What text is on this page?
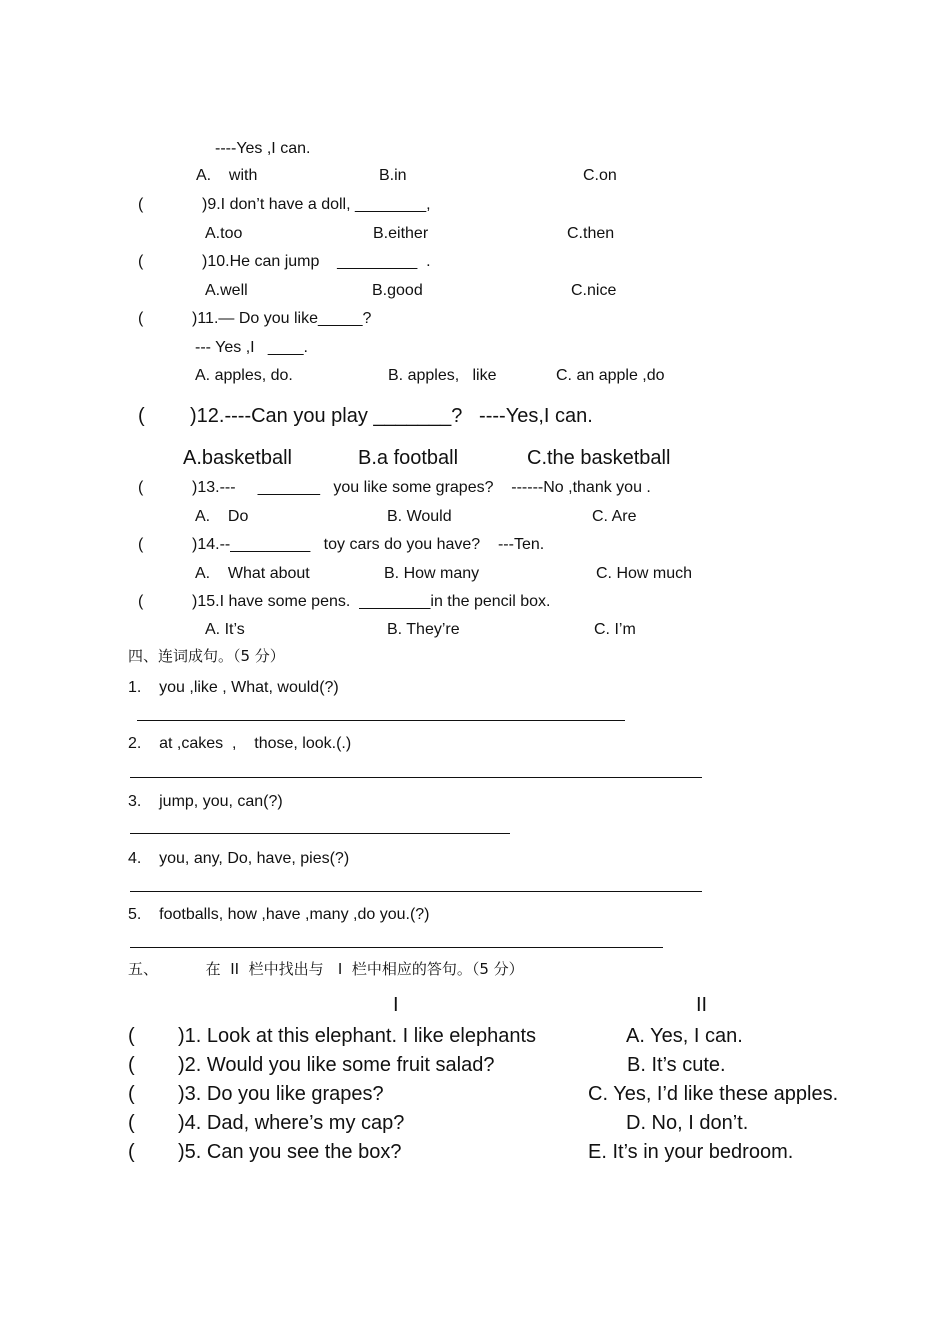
----Yes ,I can.
A.    with	B.in	C.on
(	)9.I don’t have a doll, ________,
A.too	B.either	C.then
(	)10.He can jump    _________  .
A.well	B.good	C.nice
(	)11.— Do you like_____?
--- Yes ,I   ____.
A. apples, do.	B. apples,   like	C. an apple ,do
( )12.----Can you play _______?   ----Yes,I can.
A.basketball	B.a football	C.the basketball
(	)13.---     _______   you like some grapes?    ------No ,thank you .
A.    Do	B. Would	C. Are
(	)14.--_________   toy cars do you have?    ---Ten.
A.    What about	B. How many	C. How much
(	)15.I have some pens.  ________in the pencil box.
A. It’s	B. They’re	C. I’m
四、连词成句。（5 分）
1.    you ,like , What, would(?)
2.    at ,cakes  ,    those, look.(.)
3.    jump, you, can(?)
4.    you, any, Do, have, pies(?)
5.    footballs, how ,have ,many ,do you.(?)
五、          在  II  栏中找出与   I  栏中相应的答句。（5 分）
I	II
( )1. Look at this elephant. I like elephants	A. Yes, I can.
( )2. Would you like some fruit salad?	B. It’s cute.
( )3. Do you like grapes?	C. Yes, I’d like these apples.
( )4. Dad, where’s my cap?	D. No, I don’t.
( )5. Can you see the box?	E. It’s in your bedroom.
